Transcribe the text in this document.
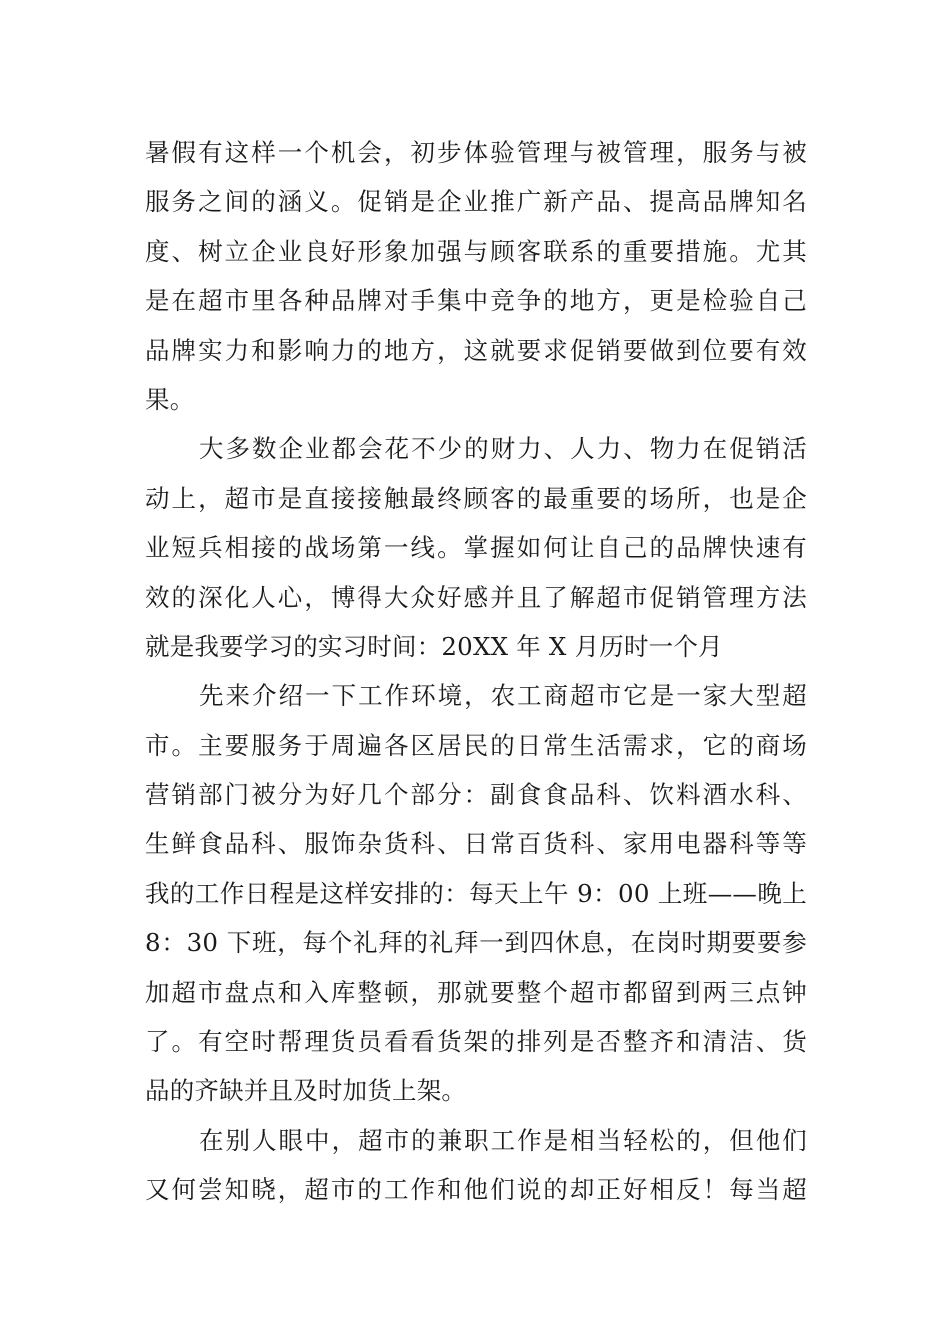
暑假有这样一个机会，初步体验管理与被管理，服务与被
服务之间的涵义。促销是企业推广新产品、提高品牌知名
度、树立企业良好形象加强与顾客联系的重要措施。尤其
是在超市里各种品牌对手集中竞争的地方，更是检验自己
品牌实力和影响力的地方，这就要求促销要做到位要有效
果。
大多数企业都会花不少的财力、人力、物力在促销活
动上，超市是直接接触最终顾客的最重要的场所，也是企
业短兵相接的战场第一线。掌握如何让自己的品牌快速有
效的深化人心，博得大众好感并且了解超市促销管理方法
就是我要学习的实习时间：20XX 年 X 月历时一个月
先来介绍一下工作环境，农工商超市它是一家大型超
市。主要服务于周遍各区居民的日常生活需求，它的商场
营销部门被分为好几个部分：副食食品科、饮料酒水科、
生鲜食品科、服饰杂货科、日常百货科、家用电器科等等
我的工作日程是这样安排的：每天上午 9：00 上班——晚上
8：30 下班，每个礼拜的礼拜一到四休息，在岗时期要要参
加超市盘点和入库整顿，那就要整个超市都留到两三点钟
了。有空时帮理货员看看货架的排列是否整齐和清洁、货
品的齐缺并且及时加货上架。
在别人眼中，超市的兼职工作是相当轻松的，但他们
又何尝知晓，超市的工作和他们说的却正好相反！每当超
